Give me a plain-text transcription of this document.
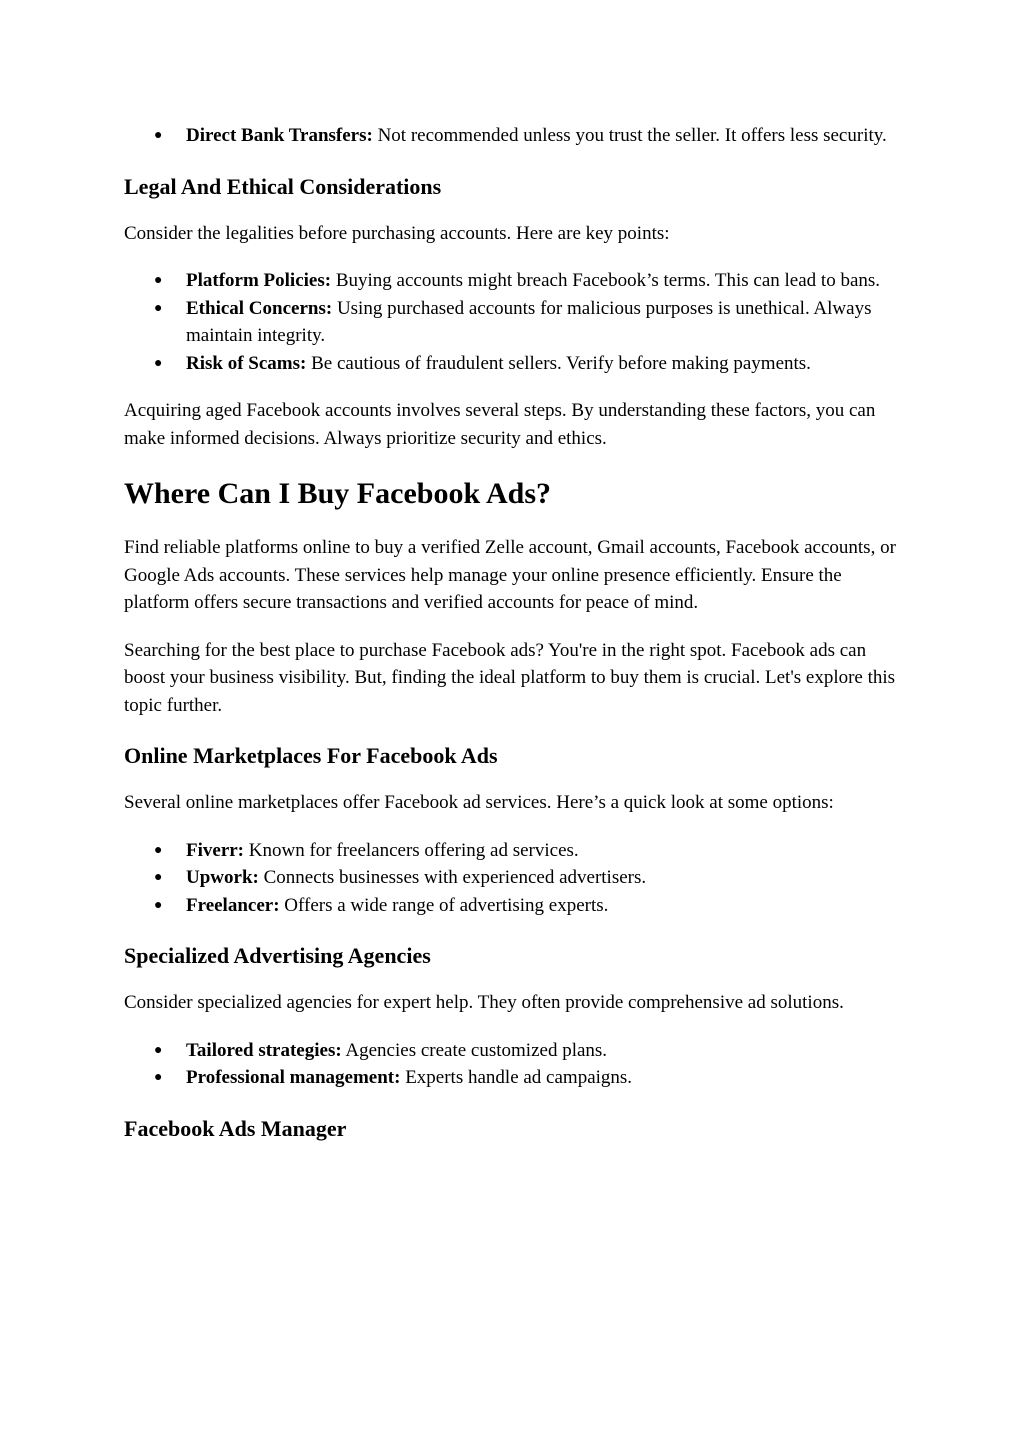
● Direct Bank Transfers: Not recommended unless you trust the seller. It offers less security.
Legal And Ethical Considerations

Consider the legalities before purchasing accounts. Here are key points:

● Platform Policies: Buying accounts might breach Facebook’s terms. This can lead to bans.
● Ethical Concerns: Using purchased accounts for malicious purposes is unethical. Always maintain integrity.
● Risk of Scams: Be cautious of fraudulent sellers. Verify before making payments.

Acquiring aged Facebook accounts involves several steps. By understanding these factors, you can make informed decisions. Always prioritize security and ethics.

Where Can I Buy Facebook Ads?

Find reliable platforms online to buy a verified Zelle account, Gmail accounts, Facebook accounts, or Google Ads accounts. These services help manage your online presence efficiently. Ensure the platform offers secure transactions and verified accounts for peace of mind.

Searching for the best place to purchase Facebook ads? You're in the right spot. Facebook ads can boost your business visibility. But, finding the ideal platform to buy them is crucial. Let's explore this topic further.

Online Marketplaces For Facebook Ads

Several online marketplaces offer Facebook ad services. Here’s a quick look at some options:

● Fiverr: Known for freelancers offering ad services.
● Upwork: Connects businesses with experienced advertisers.
● Freelancer: Offers a wide range of advertising experts.
Specialized Advertising Agencies

Consider specialized agencies for expert help. They often provide comprehensive ad solutions.

● Tailored strategies: Agencies create customized plans.
● Professional management: Experts handle ad campaigns.
Facebook Ads Manager
